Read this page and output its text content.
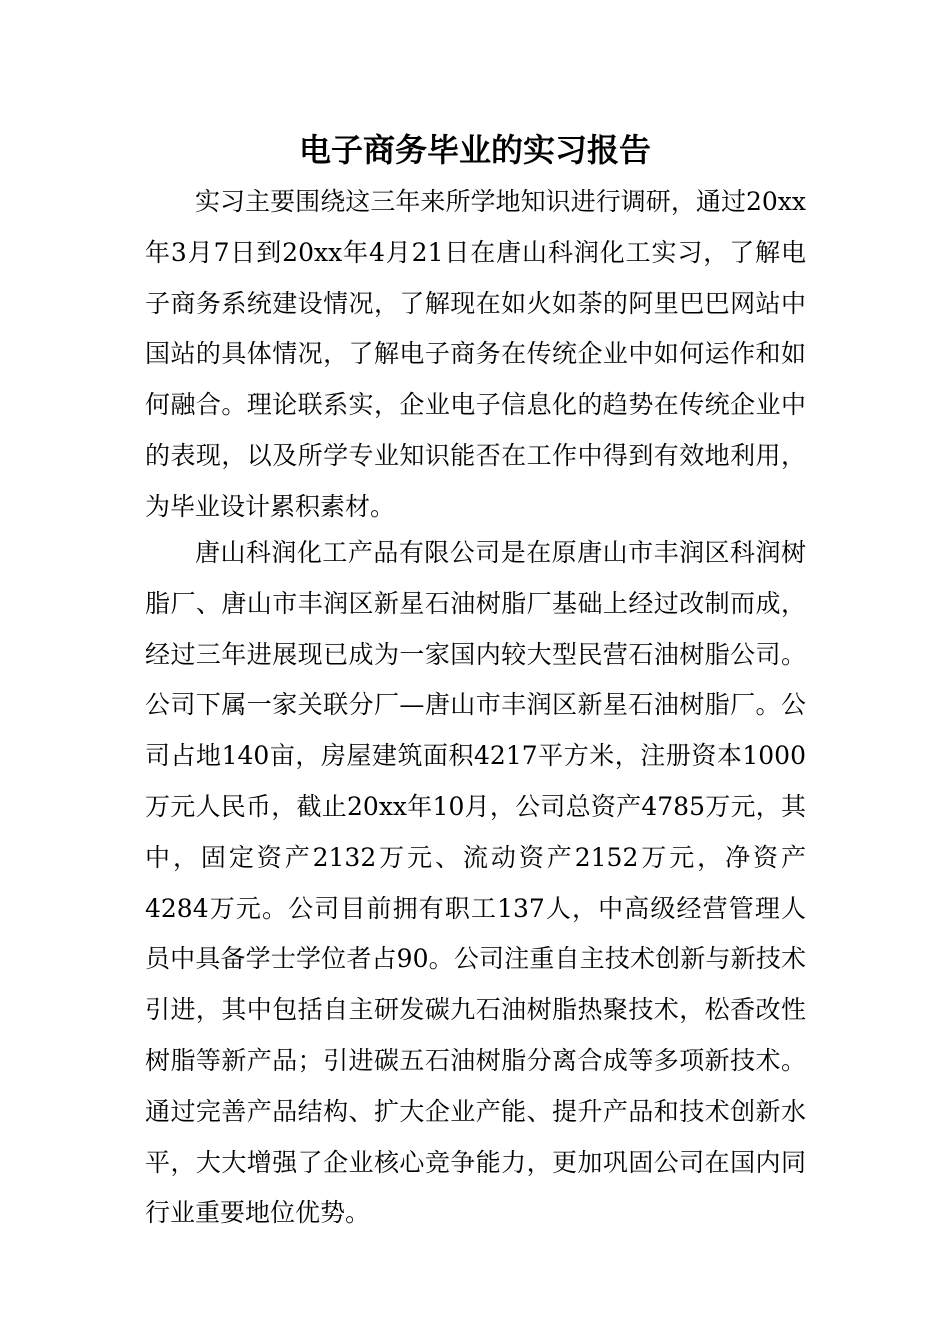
电子商务毕业的实习报告

实习主要围绕这三年来所学地知识进行调研，通过20xx年3月7日到20xx年4月21日在唐山科润化工实习，了解电子商务系统建设情况，了解现在如火如荼的阿里巴巴网站中国站的具体情况，了解电子商务在传统企业中如何运作和如何融合。理论联系实，企业电子信息化的趋势在传统企业中的表现，以及所学专业知识能否在工作中得到有效地利用，为毕业设计累积素材。

唐山科润化工产品有限公司是在原唐山市丰润区科润树脂厂、唐山市丰润区新星石油树脂厂基础上经过改制而成，经过三年进展现已成为一家国内较大型民营石油树脂公司。公司下属一家关联分厂—唐山市丰润区新星石油树脂厂。公司占地140亩，房屋建筑面积4217平方米，注册资本1000万元人民币，截止20xx年10月，公司总资产4785万元，其中，固定资产2132万元、流动资产2152万元，净资产4284万元。公司目前拥有职工137人，中高级经营管理人员中具备学士学位者占90。公司注重自主技术创新与新技术引进，其中包括自主研发碳九石油树脂热聚技术，松香改性树脂等新产品；引进碳五石油树脂分离合成等多项新技术。通过完善产品结构、扩大企业产能、提升产品和技术创新水平，大大增强了企业核心竞争能力，更加巩固公司在国内同行业重要地位优势。
